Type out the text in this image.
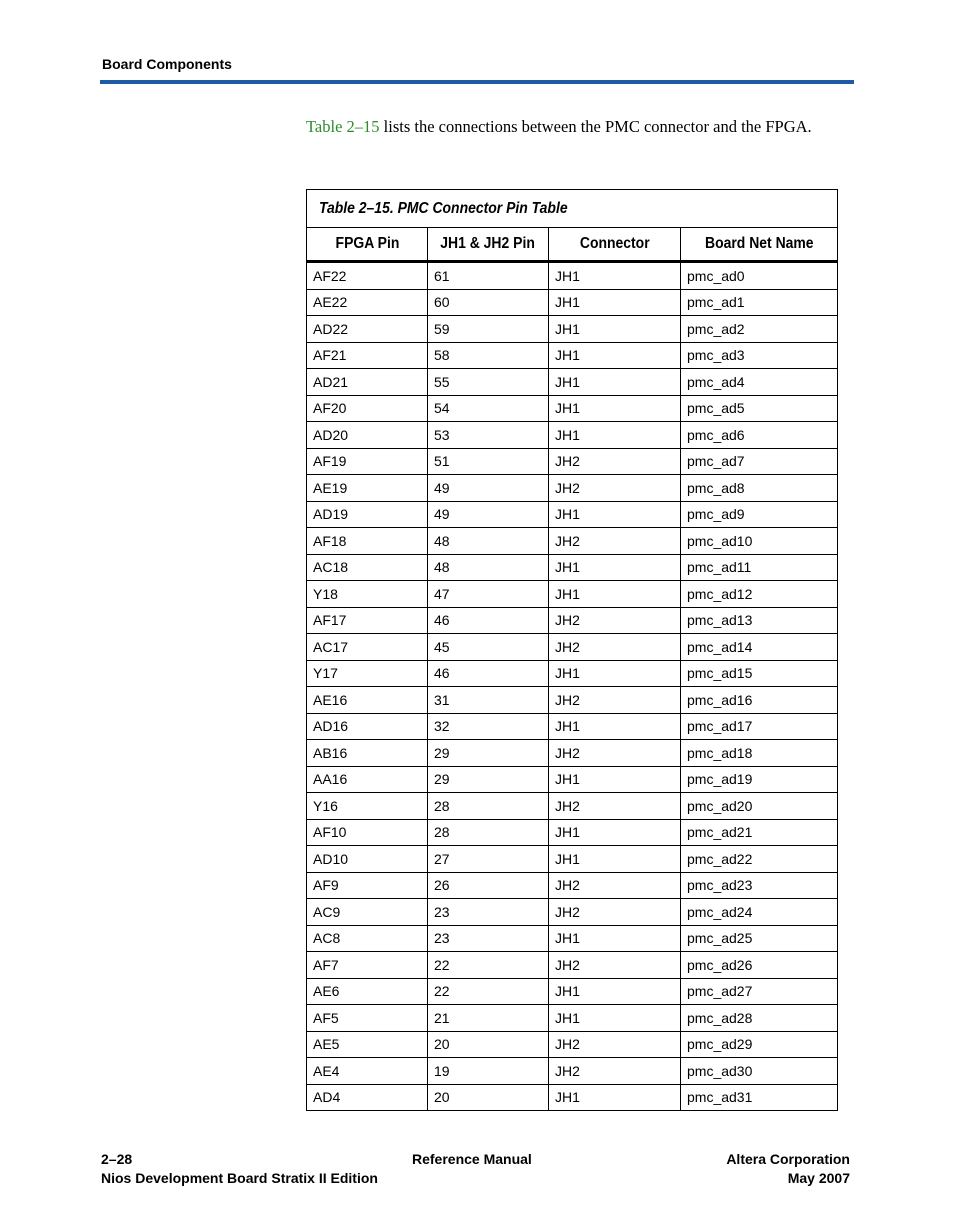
Board Components

Table 2–15 lists the connections between the PMC connector and the FPGA.

Table 2–15. PMC Connector Pin Table			
FPGA Pin	JH1 & JH2 Pin	Connector	Board Net Name
AF22	61	JH1	pmc_ad0
AE22	60	JH1	pmc_ad1
AD22	59	JH1	pmc_ad2
AF21	58	JH1	pmc_ad3
AD21	55	JH1	pmc_ad4
AF20	54	JH1	pmc_ad5
AD20	53	JH1	pmc_ad6
AF19	51	JH2	pmc_ad7
AE19	49	JH2	pmc_ad8
AD19	49	JH1	pmc_ad9
AF18	48	JH2	pmc_ad10
AC18	48	JH1	pmc_ad11
Y18	47	JH1	pmc_ad12
AF17	46	JH2	pmc_ad13
AC17	45	JH2	pmc_ad14
Y17	46	JH1	pmc_ad15
AE16	31	JH2	pmc_ad16
AD16	32	JH1	pmc_ad17
AB16	29	JH2	pmc_ad18
AA16	29	JH1	pmc_ad19
Y16	28	JH2	pmc_ad20
AF10	28	JH1	pmc_ad21
AD10	27	JH1	pmc_ad22
AF9	26	JH2	pmc_ad23
AC9	23	JH2	pmc_ad24
AC8	23	JH1	pmc_ad25
AF7	22	JH2	pmc_ad26
AE6	22	JH1	pmc_ad27
AF5	21	JH1	pmc_ad28
AE5	20	JH2	pmc_ad29
AE4	19	JH2	pmc_ad30
AD4	20	JH1	pmc_ad31
2–28
Nios Development Board Stratix II Edition
Reference Manual	Altera Corporation
May 2007
